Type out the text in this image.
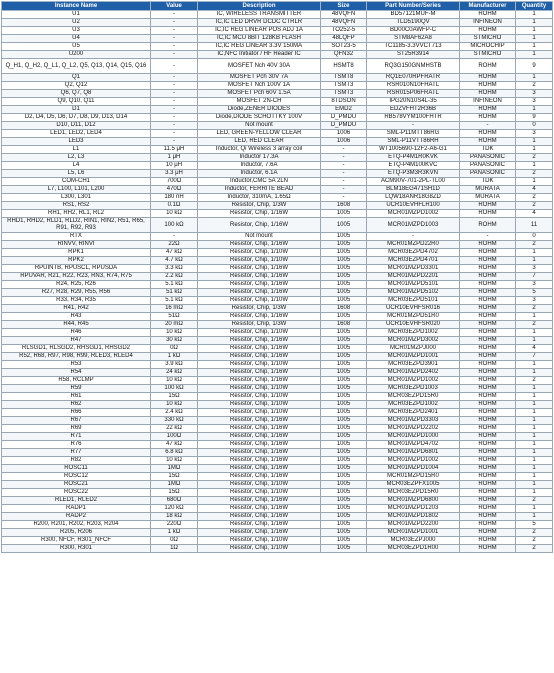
Instance Name	Value	Description	Size	Part Number/Series	Manufacturer	Quantity
U1	-	IC, WIRELESS TRANSMITTER	48VQFN	BD57121MUF-M	ROHM	1
U2	-	IC,IC LED DRVR DCDC CTRLR	48VQFN	TLD5190QV	INFINEON	1
U3	-	IC,IC REG LINEAR POS ADJ 1A	TO252-5	BD00C0AWFP-C	ROHM	1
U4	-	IC,IC MCU 8BIT 128KB FLASH	48LQFP	STM8AF62A8	STMICRO	1
U5	-	IC,IC REG LINEAR 3.3V 150MA	SOT23-5	TC1185-3.3VVCT713	MICROCHIP	1
U200	-	IC,NFC Initiator / HF Reader IC	QFN32	ST25R3914	STMICRO	1
Q_H1, Q_H2, Q_L1, Q_L2, Q5, Q13, Q14, Q15, Q16	-	MOSFET Nch 40V 30A	HSMT8	RQ3G150GNMHSTB	ROHM	9
Q1	-	MOSFET Pch 30V 7A	TSMT8	RQ1E070RPFRATR	ROHM	1
Q2, Q12	-	MOSFET Nch 100V 1A	TSMT3	RSR010N10FHATL	ROHM	2
Q6, Q7, Q8	-	MOSFET Pch 60V 1.5A	TSMT3	RSR015P06FRATL	ROHM	3
Q9, Q10, Q11	-	MOSFET 2N-CH	8TDSON	IPG20N10S4L-35	INFINEON	3
D1	-	Diode,ZENER DIODES	EMD2	EDZVFHT2R36B	ROHM	1
D2, D4, D5, D6, D7, D8, D9, D13, D14	-	Diode,DIODE SCHOTTKY 100V	D_PMDU	RB578VYM100FHTR	ROHM	9
D10, D11, D12	-	Not mount	D_PMDU	-	-	0
LED1, LED2, LED4	-	LED, GREEN-YELLOW CLEAR	1006	SML-P11MTT86RG	ROHM	3
LED3	-	LED, RED CLEAR	1006	SML-P11VTT86RH	ROHM	1
L1	11.5 μH	Inductor, Qi Wireless 3 array coil	-	WT1005690-12F2-A6-G1	TDK	1
L2, L3	1 μH	Inductor 17.3A	-	ETQ-P4M1R0KVK	PANASONIC	2
L4	10 μH	Inductor, 7.6A	-	ETQ-P4M100KVC	PANASONIC	1
L5, L6	3.3 μH	Inductor, 6.1A	-	ETQ-P3M3R3KVN	PANASONIC	2
COM-CH1	700Ω	Inductor,CMC 5A 2LN	-	ACM90V-701-2PL-TL00	TDK	1
L7, L100, L101, L200	470Ω	Inductor, FERRITE BEAD	-	BLM18EG471SH1D	MURATA	4
L300, L301	180 nH	Inductor, 310mA, 1.65Ω	-	LQW18ANR18G8ZD	MURATA	2
RS1, RS2	0.1Ω	Resistor, Chip, 1/3W	1608	UCR10EVHFLR100	ROHM	2
RH1, RH2, RL1, RL2	10 kΩ	Resistor, Chip, 1/16W	1005	MCR01MZPD1002	ROHM	4
RHD1, RHD2, RLD1, RLD2, RIN1, RIN2, R51, R65, R91, R92, R93	100 kΩ	Resistor, Chip, 1/16W	1005	MCR01MZPD1003	ROHM	11
RTX	-	Not mount	1005	-	-	0
RINVV, RINVI	22Ω	Resistor, Chip, 1/16W	1005	MCR01MZPD22R0	ROHM	2
RPK1	47 kΩ	Resistor, Chip, 1/10W	1005	MCR03EZPD4702	ROHM	1
RPK2	4.7 kΩ	Resistor, Chip, 1/10W	1005	MCR03EZPD4701	ROHM	1
RPUINTB, RPUSCL, RPUSDA	3.3 kΩ	Resistor, Chip, 1/16W	1005	MCR01MZPD3301	ROHM	3
RPUVAR, R21, R22, R23, RN3, R74, R75	2.2 kΩ	Resistor, Chip, 1/16W	1005	MCR01MZPD2201	ROHM	7
R24, R25, R26	5.1 kΩ	Resistor, Chip, 1/16W	1005	MCR01MZPD5101	ROHM	3
R27, R28, R29, R55, R56	51 kΩ	Resistor, Chip, 1/16W	1005	MCR01MZPD5102	ROHM	5
R33, R34, R35	5.1 kΩ	Resistor, Chip, 1/10W	1005	MCR03EZPD5101	ROHM	3
R41, R42	16 mΩ	Resistor, Chip, 1/3W	1608	UCR10EVHFSR016	ROHM	2
R43	51Ω	Resistor, Chip, 1/16W	1005	MCR01MZPD51R0	ROHM	1
R44, R45	20 mΩ	Resistor, Chip, 1/3W	1608	UCR10EVHFSR020	ROHM	2
R46	10 kΩ	Resistor, Chip, 1/10W	1005	MCR03EZPD1002	ROHM	1
R47	30 kΩ	Resistor, Chip, 1/16W	1005	MCR01MZPD3002	ROHM	1
RLSGD1, RLSGD2, RHSGD1, RHSGD2	0Ω	Resistor, Chip, 1/16W	1005	MCR01MZPJ000	ROHM	4
R52, R68, R97, R98, R99, RLED3, RLED4	1 kΩ	Resistor, Chip, 1/16W	1005	MCR01MZPD1001	ROHM	7
R53	3.9 kΩ	Resistor, Chip, 1/10W	1005	MCR03EZPD3901	ROHM	1
R54	24 kΩ	Resistor, Chip, 1/16W	1005	MCR01MZPD2402	ROHM	1
R58, RCLMP	10 kΩ	Resistor, Chip, 1/16W	1005	MCR01MZPD1002	ROHM	2
R59	100 kΩ	Resistor, Chip, 1/10W	1005	MCR03EZPD1003	ROHM	1
R61	15Ω	Resistor, Chip, 1/10W	1005	MCR03EZPD15R0	ROHM	1
R62	10 kΩ	Resistor, Chip, 1/10W	1005	MCR03EZPD1002	ROHM	1
R66	2.4 kΩ	Resistor, Chip, 1/10W	1005	MCR03EZPD2401	ROHM	1
R67	330 kΩ	Resistor, Chip, 1/16W	1005	MCR01MZPD3303	ROHM	1
R69	22 kΩ	Resistor, Chip, 1/16W	1005	MCR01MZPD2202	ROHM	1
R71	100Ω	Resistor, Chip, 1/16W	1005	MCR01MZPD1000	ROHM	1
R76	47 kΩ	Resistor, Chip, 1/16W	1005	MCR01MZPD4702	ROHM	1
R77	6.8 kΩ	Resistor, Chip, 1/16W	1005	MCR01MZPD6801	ROHM	1
R82	10 kΩ	Resistor, Chip, 1/16W	1005	MCR01MZPD1002	ROHM	1
ROSC11	1MΩ	Resistor, Chip, 1/16W	1005	MCR01MZPD1004	ROHM	1
ROSC12	15Ω	Resistor, Chip, 1/16W	1005	MCR01MZPD15R0	ROHM	1
ROSC21	1MΩ	Resistor, Chip, 1/10W	1005	MCR03EZPFX1005	ROHM	1
ROSC22	15Ω	Resistor, Chip, 1/10W	1005	MCR03EZPD15R0	ROHM	1
RLED1, RLED2	680Ω	Resistor, Chip, 1/16W	1005	MCR01MZPD6800	ROHM	2
RADP1	120 kΩ	Resistor, Chip, 1/16W	1005	MCR01MZPD1203	ROHM	1
RADP2	18 kΩ	Resistor, Chip, 1/16W	1005	MCR01MZPD1802	ROHM	1
R200, R201, R202, R203, R204	220Ω	Resistor, Chip, 1/16W	1005	MCR01MZPD2200	ROHM	5
R205, R206	1 kΩ	Resistor, Chip, 1/16W	1005	MCR01MZPD1001	ROHM	2
R300, NFCF, R301_NFCF	0Ω	Resistor, Chip, 1/10W	1005	MCR03EZPJ000	ROHM	2
R300, R301	1Ω	Resistor, Chip, 1/10W	1005	MCR03EZPD1R00	ROHM	2
